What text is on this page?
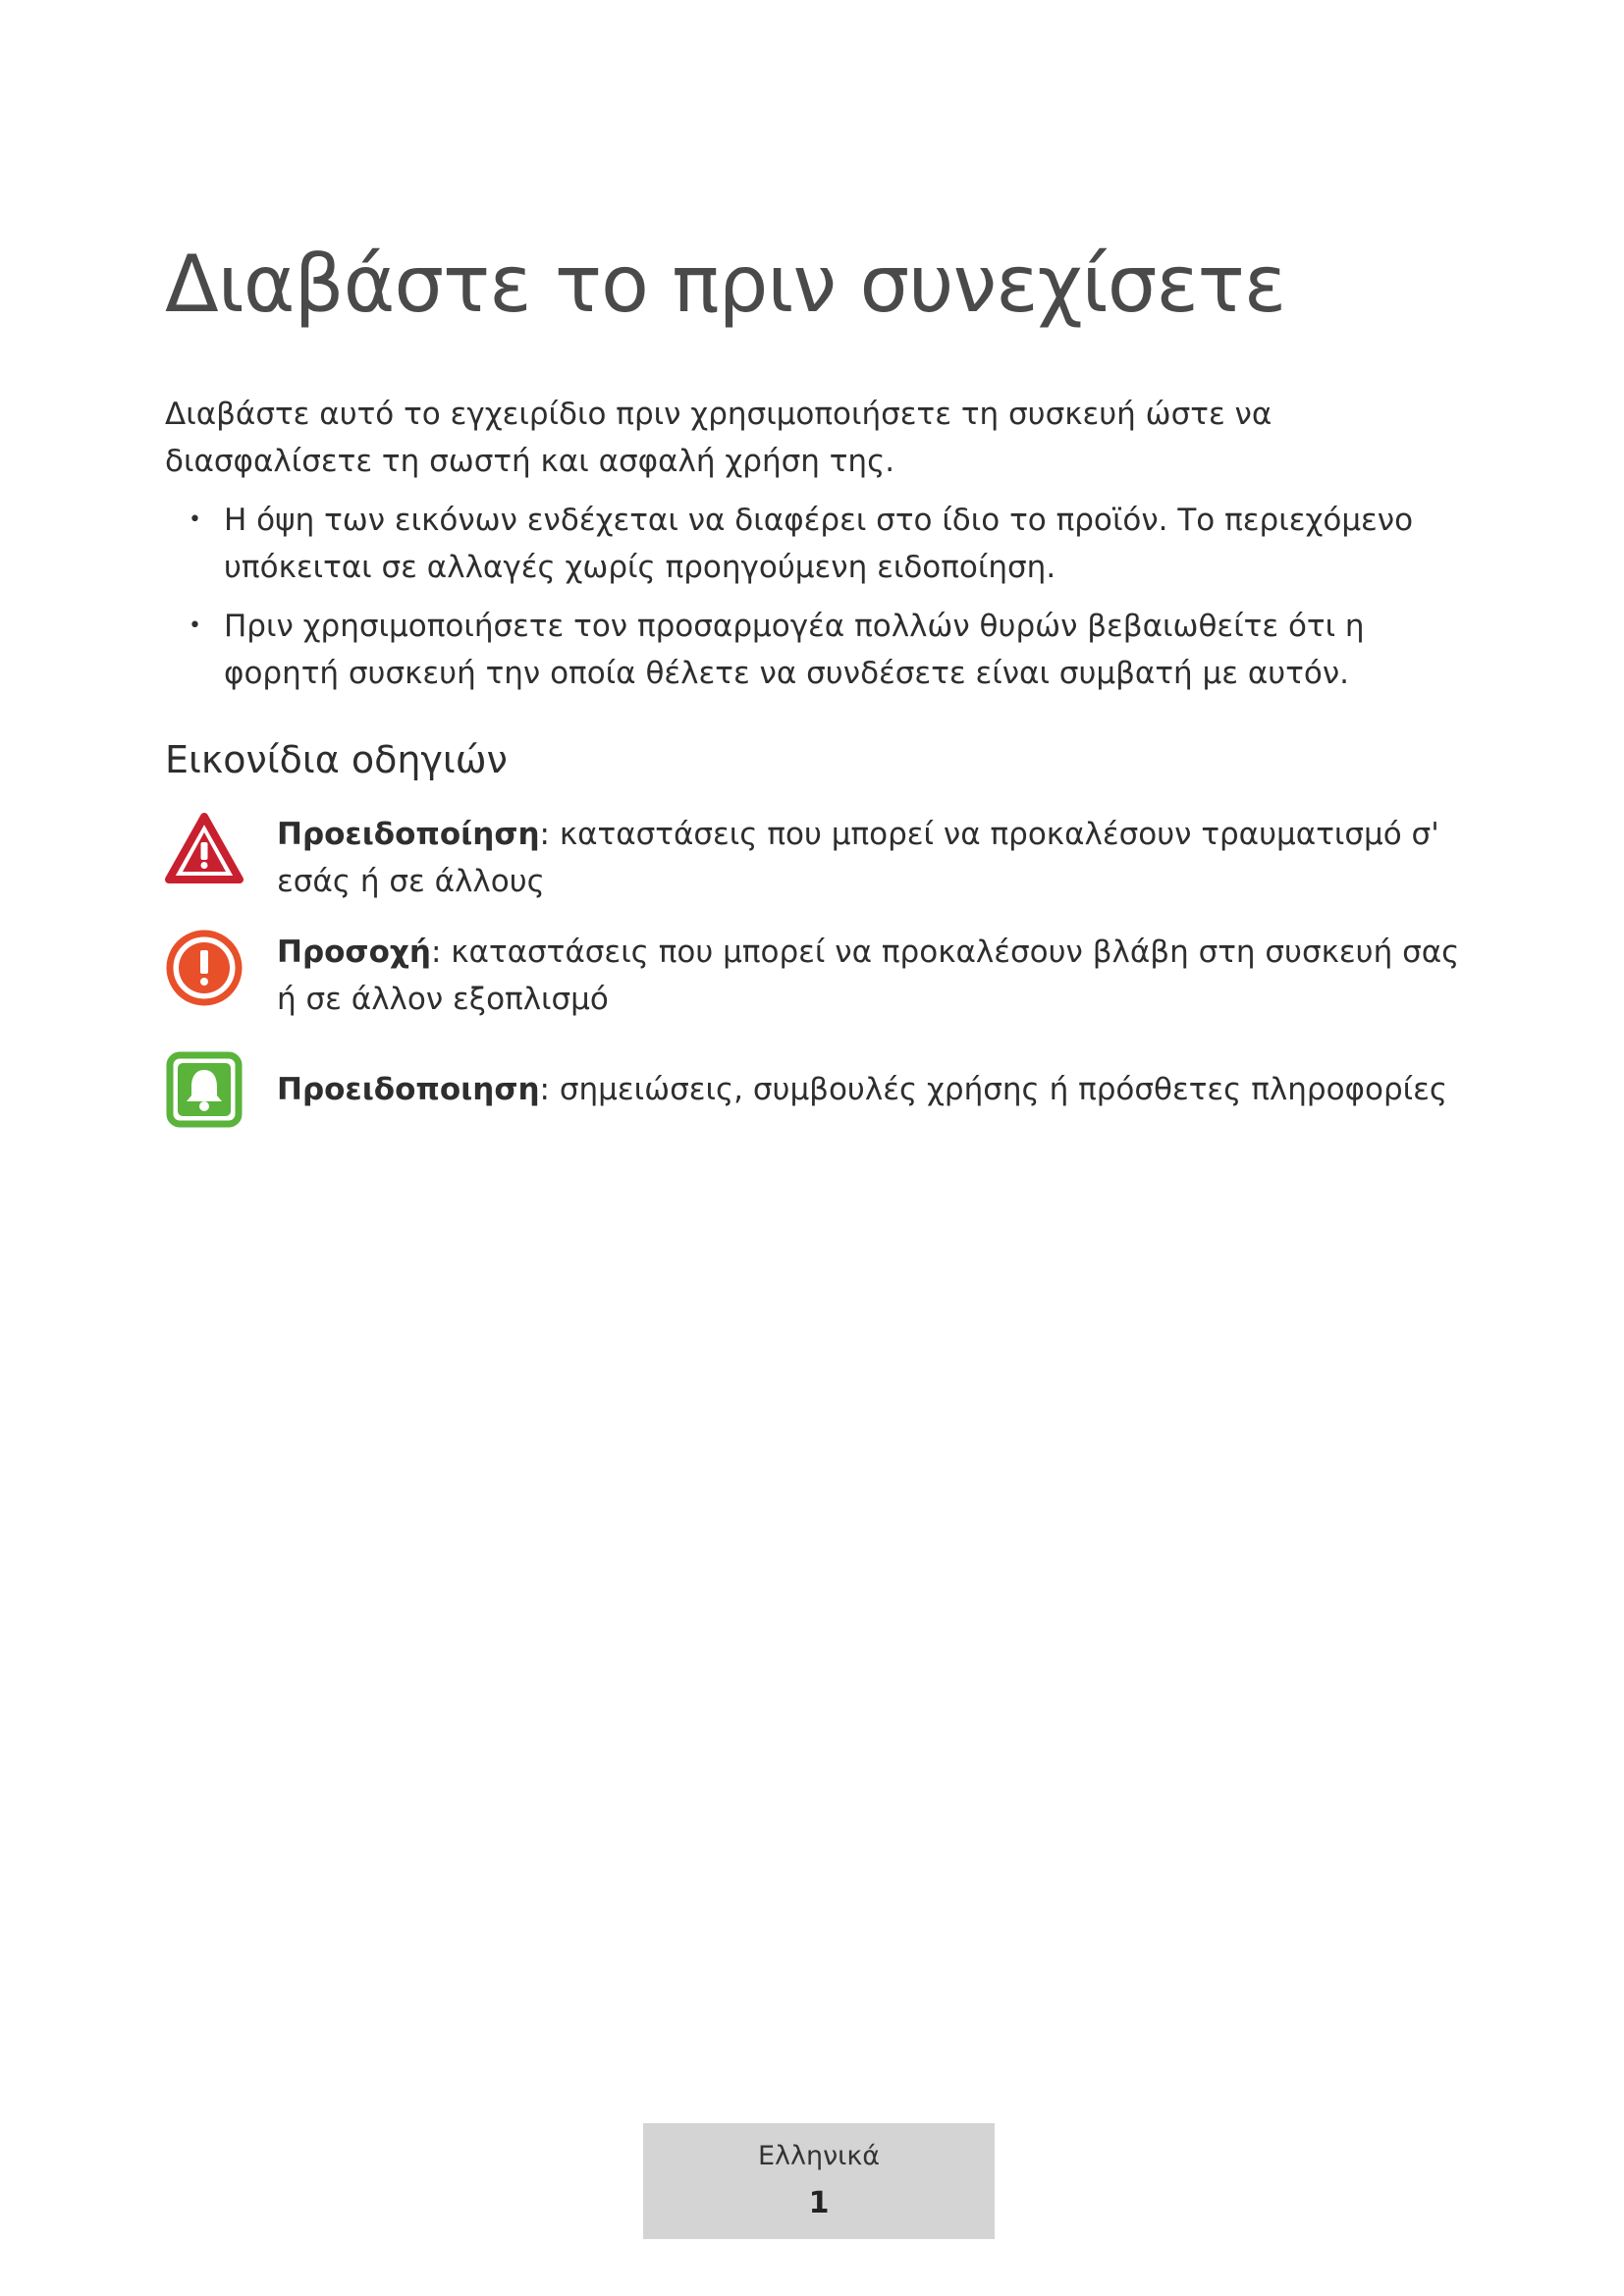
Διαβάστε το πριν συνεχίσετε

Διαβάστε αυτό το εγχειρίδιο πριν χρησιμοποιήσετε τη συσκευή ώστε να διασφαλίσετε τη σωστή και ασφαλή χρήση της.

• Η όψη των εικόνων ενδέχεται να διαφέρει στο ίδιο το προϊόν. Το περιεχόμενο υπόκειται σε αλλαγές χωρίς προηγούμενη ειδοποίηση.
• Πριν χρησιμοποιήσετε τον προσαρμογέα πολλών θυρών βεβαιωθείτε ότι η φορητή συσκευή την οποία θέλετε να συνδέσετε είναι συμβατή με αυτόν.
Εικονίδια οδηγιών
Προειδοποίηση: καταστάσεις που μπορεί να προκαλέσουν τραυματισμό σ' εσάς ή σε άλλους
Προσοχή: καταστάσεις που μπορεί να προκαλέσουν βλάβη στη συσκευή σας ή σε άλλον εξοπλισμό
Προειδοποιηση: σημειώσεις, συμβουλές χρήσης ή πρόσθετες πληροφορίες
Ελληνικά
1
